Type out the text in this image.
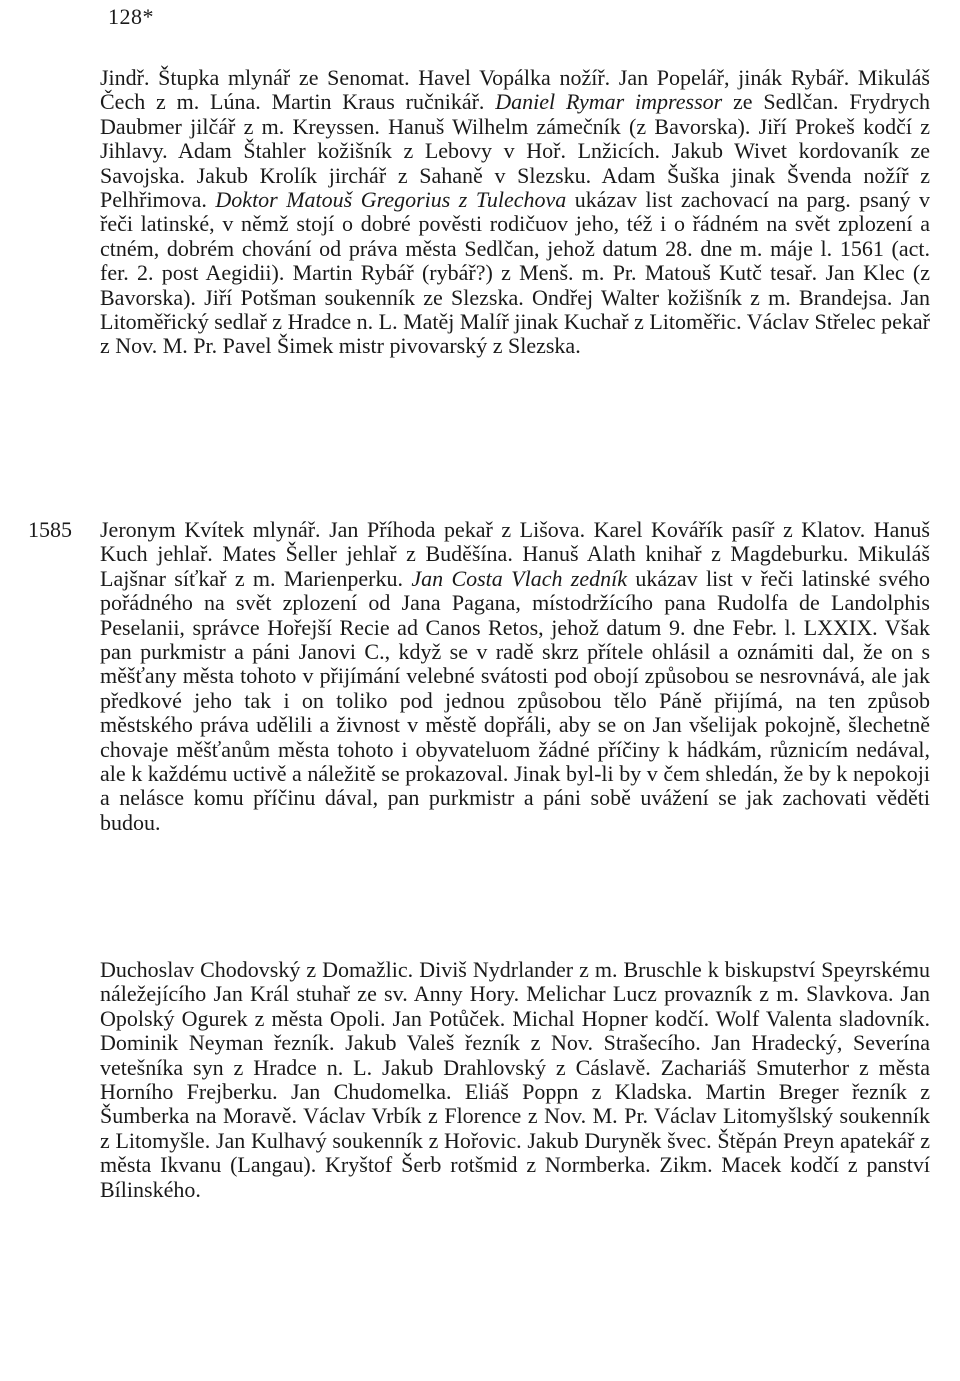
128*

Jindř. Štupka mlynář ze Senomat. Havel Vopálka nožíř. Jan Popelář, jinák Rybář. Mikuláš Čech z m. Lúna. Martin Kraus ručnikář. Daniel Rymar impressor ze Sedlčan. Frydrych Daubmer jilčář z m. Kreyssen. Hanuš Wilhelm zámečník (z Bavorska). Jiří Prokeš kodčí z Jihlavy. Adam Štahler kožišník z Lebovy v Hoř. Lnžicích. Jakub Wivet kordovaník ze Savojska. Jakub Krolík jirchář z Sahaně v Slezsku. Adam Šuška jinak Švenda nožíř z Pelhřimova. Doktor Matouš Gregorius z Tulechova ukázav list zachovací na parg. psaný v řeči latinské, v němž stojí o dobré pověsti rodičuov jeho, též i o řádném na svět zplození a ctném, dobrém chování od práva města Sedlčan, jehož datum 28. dne m. máje l. 1561 (act. fer. 2. post Aegidii). Martin Rybář (rybář?) z Menš. m. Pr. Matouš Kutč tesař. Jan Klec (z Bavorska). Jiří Potšman soukenník ze Slezska. Ondřej Walter kožišník z m. Brandejsa. Jan Litoměřický sedlař z Hradce n. L. Matěj Malíř jinak Kuchař z Litoměřic. Václav Střelec pekař z Nov. M. Pr. Pavel Šimek mistr pivovarský z Slezska.

1585 Jeronym Kvítek mlynář. Jan Příhoda pekař z Lišova. Karel Kovářík pasíř z Klatov. Hanuš Kuch jehlař. Mates Šeller jehlař z Buděšína. Hanuš Alath knihař z Magdeburku. Mikuláš Lajšnar síťkař z m. Marienperku. Jan Costa Vlach zedník ukázav list v řeči latinské svého pořádného na svět zplození od Jana Pagana, místodržícího pana Rudolfa de Landolphis Peselanii, správce Hořejší Recie ad Canos Retos, jehož datum 9. dne Febr. l. LXXIX. Však pan purkmistr a páni Janovi C., když se v radě skrz přítele ohlásil a oznámiti dal, že on s měšťany města tohoto v přijímání velebné svátosti pod obojí způsobou se nesrovnává, ale jak předkové jeho tak i on toliko pod jednou způsobou tělo Páně přijímá, na ten způsob městského práva udělili a živnost v městě dopřáli, aby se on Jan všelijak pokojně, šlechetně chovaje měšťanům města tohoto i obyvateluom žádné příčiny k hádkám, různicím nedával, ale k každému uctivě a náležitě se prokazoval. Jinak byl-li by v čem shledán, že by k nepokoji a nelásce komu příčinu dával, pan purkmistr a páni sobě uvážení se jak zachovati věděti budou.

Duchoslav Chodovský z Domažlic. Diviš Nydrlander z m. Bruschle k biskupství Speyrskému náležejícího Jan Král stuhař ze sv. Anny Hory. Melichar Lucz provazník z m. Slavkova. Jan Opolský Ogurek z města Opoli. Jan Potůček. Michal Hopner kodčí. Wolf Valenta sladovník. Dominik Neyman řezník. Jakub Valeš řezník z Nov. Strašecího. Jan Hradecký, Severína vetešníka syn z Hradce n. L. Jakub Drahlovský z Cáslavě. Zachariáš Smuterhor z města Horního Frejberku. Jan Chudomelka. Eliáš Poppn z Kladska. Martin Breger řezník z Šumberka na Moravě. Václav Vrbík z Florence z Nov. M. Pr. Václav Litomyšlský soukenník z Litomyšle. Jan Kulhavý soukenník z Hořovic. Jakub Duryněk švec. Štěpán Preyn apatekář z města Ikvanu (Langau). Kryštof Šerb rotšmid z Normberka. Zikm. Macek kodčí z panství Bílinského.
